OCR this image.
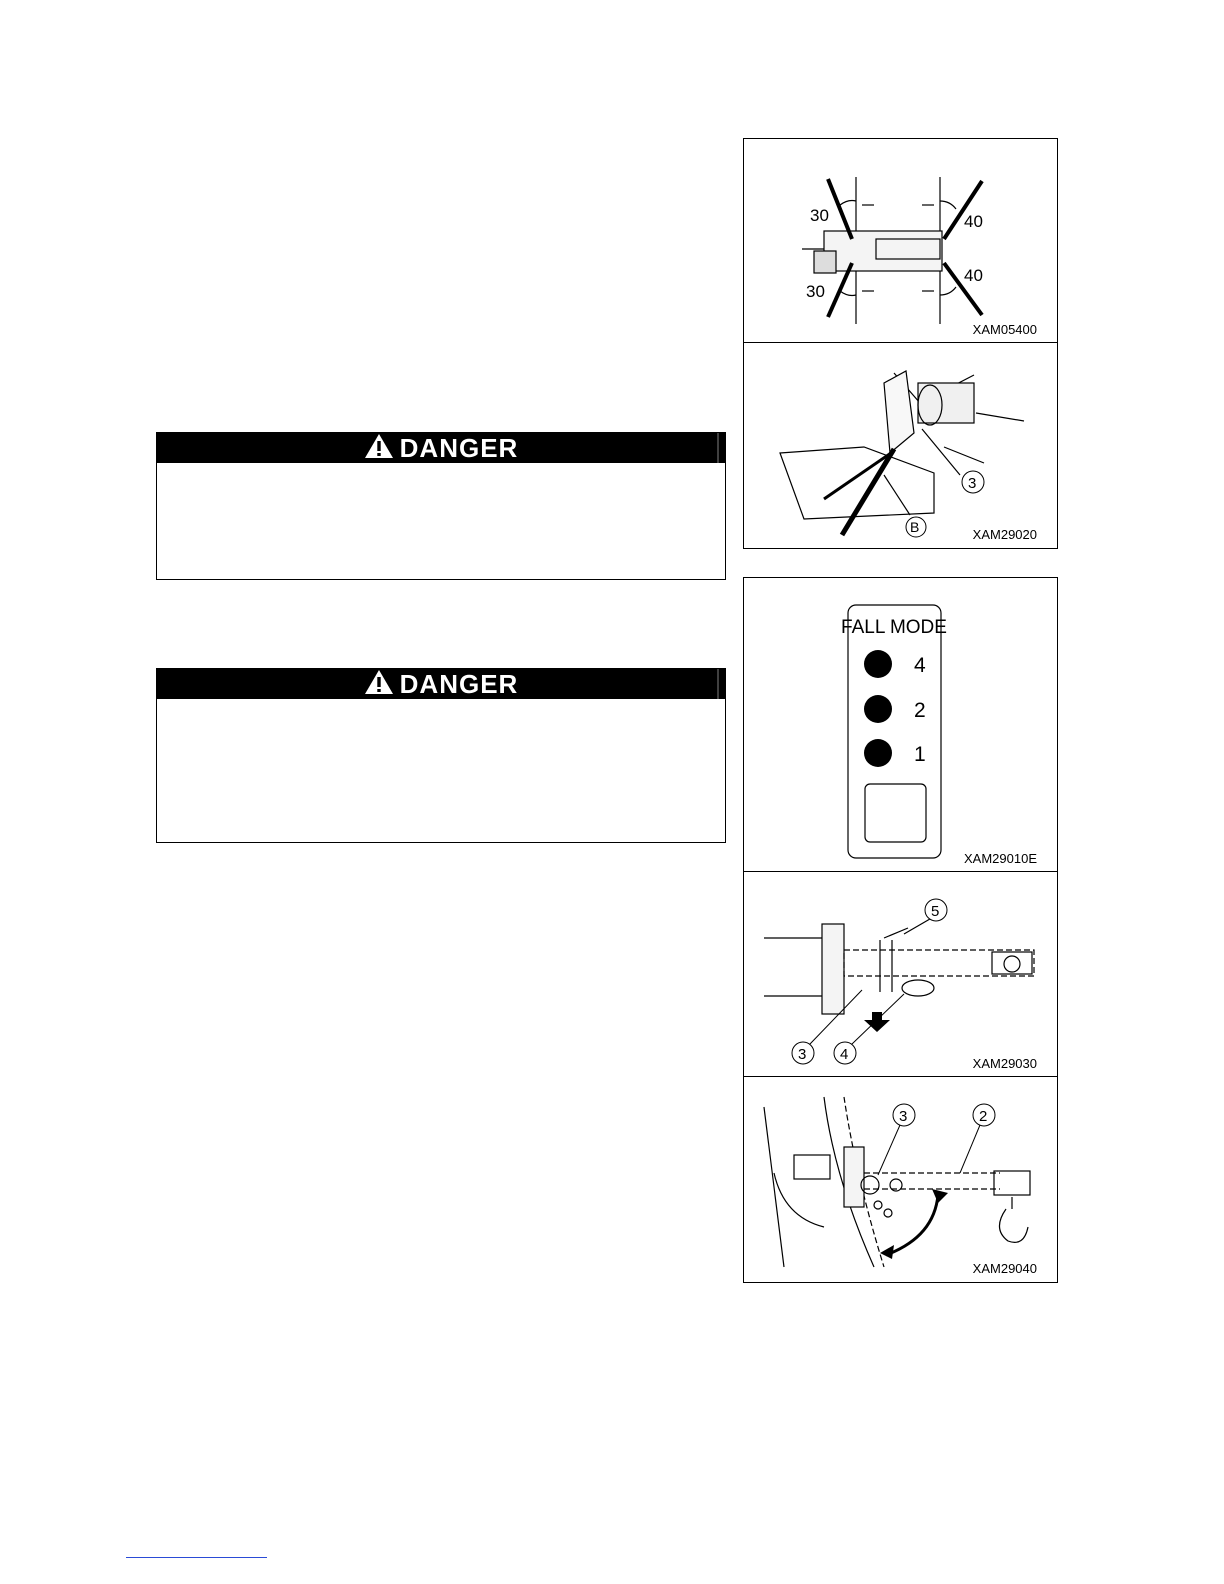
DANGER
DANGER
30
30
40
40
XAM05400
3
B	XAM29020
FALL MODE
4
2
1
XAM29010E
5
3 4
XAM29030
3	2
XAM29040
